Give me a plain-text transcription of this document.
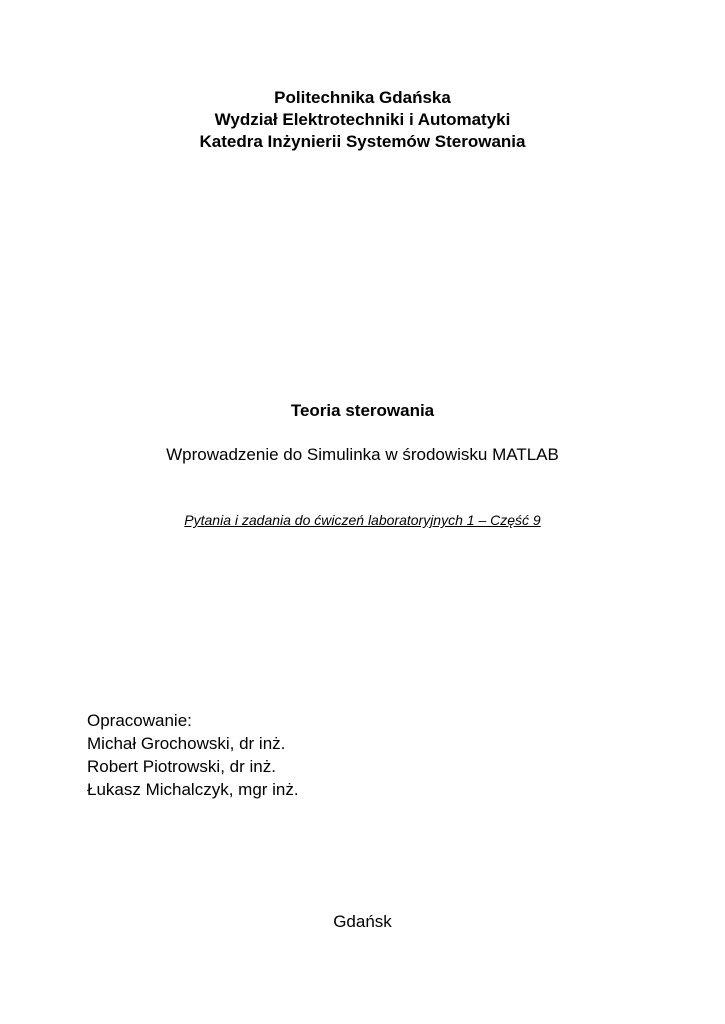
Politechnika Gdańska
Wydział Elektrotechniki i Automatyki
Katedra Inżynierii Systemów Sterowania
Teoria sterowania
Wprowadzenie do Simulinka w środowisku MATLAB
Pytania i zadania do ćwiczeń laboratoryjnych 1 – Część 9
Opracowanie:
Michał Grochowski, dr inż.
Robert Piotrowski, dr inż.
Łukasz Michalczyk, mgr inż.
Gdańsk
